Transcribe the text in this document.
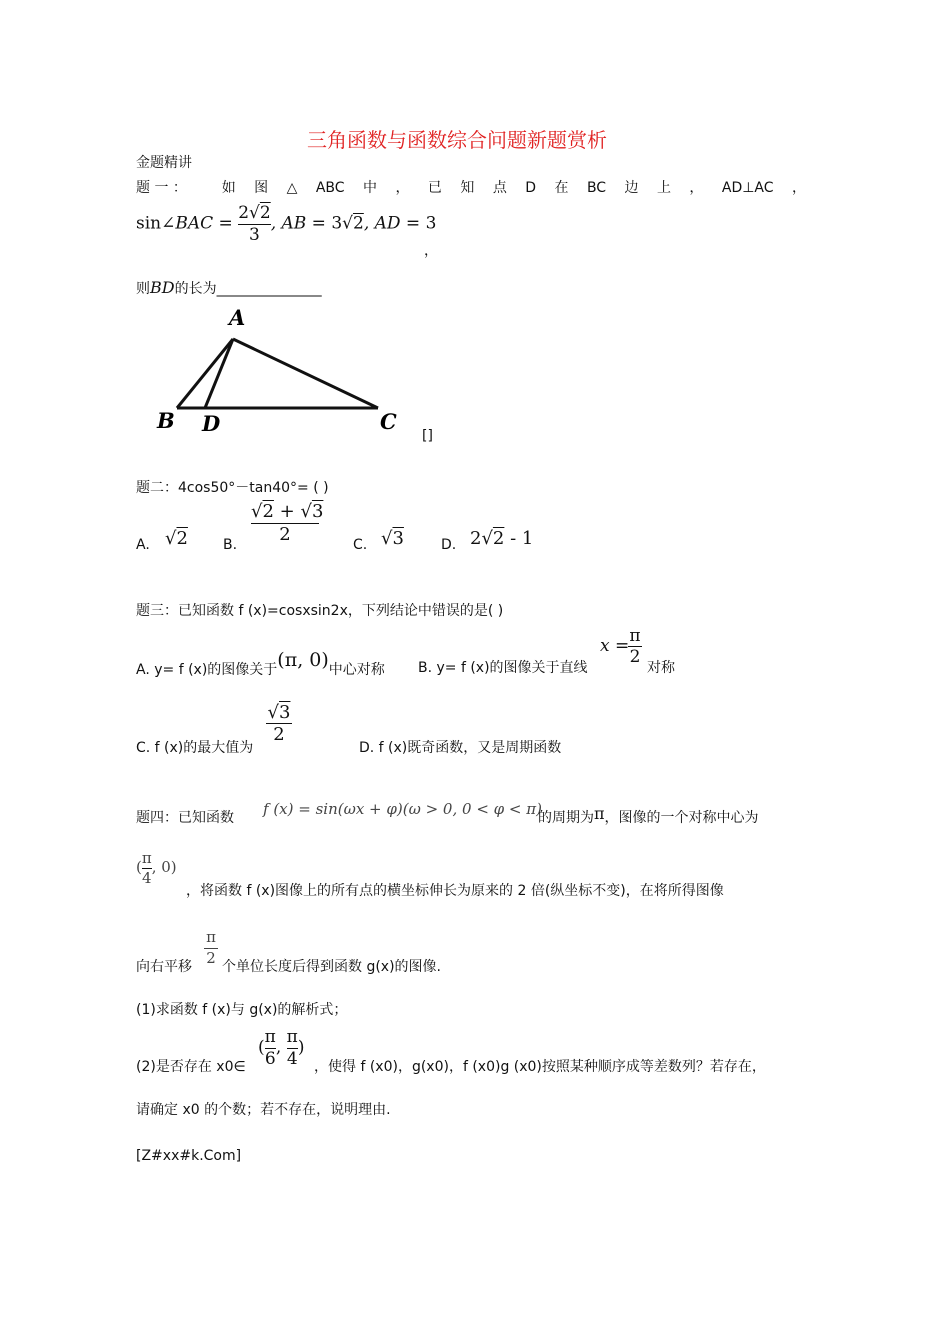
三角函数与函数综合问题新题赏析
金题精讲
题 一 ： 如 图 △ ABC 中 ， 已 知 点 D 在 BC 边 上 ， AD⊥AC ，
sin∠BAC = $\frac{2√2}{3}$ , AB = 3√2, AD = 3
，
则BD的长为_______________
A
B D	C
[]
题二：4cos50°－tan40°= ( )
A. √2	B.
√2 + √3
2	C. √3	D. 2√2 - 1
题三：已知函数 f (x)=cosxsin2x，下列结论中错误的是( )
A. y= f (x)的图像关于(π, 0)中心对称 B. y= f (x)的图像关于直线
x =
$\frac{\pi}{2}$
对称
C. f (x)的最大值为
√3
2
D. f (x)既奇函数，又是周期函数
题四：已知函数 f (x) = sin(ωx + φ)(ω > 0, 0 < φ < π)
的周期为π，图像的一个对称中心为
( $\frac{\pi}{4}$ , 0)
，将函数 f (x)图像上的所有点的横坐标伸长为原来的 2 倍(纵坐标不变)，在将所得图像
向右平移 $\frac{\pi}{2}$ 个单位长度后得到函数 g(x)的图像.
(1)求函数 f (x)与 g(x)的解析式；
(2)是否存在 x0∈
( $\frac{\pi}{6}$ , $\frac{\pi}{4}$ )
，使得 f (x0)，g(x0)，f (x0)g (x0)按照某种顺序成等差数列？若存在，
请确定 x0 的个数；若不存在，说明理由.
[Z#xx#k.Com]
